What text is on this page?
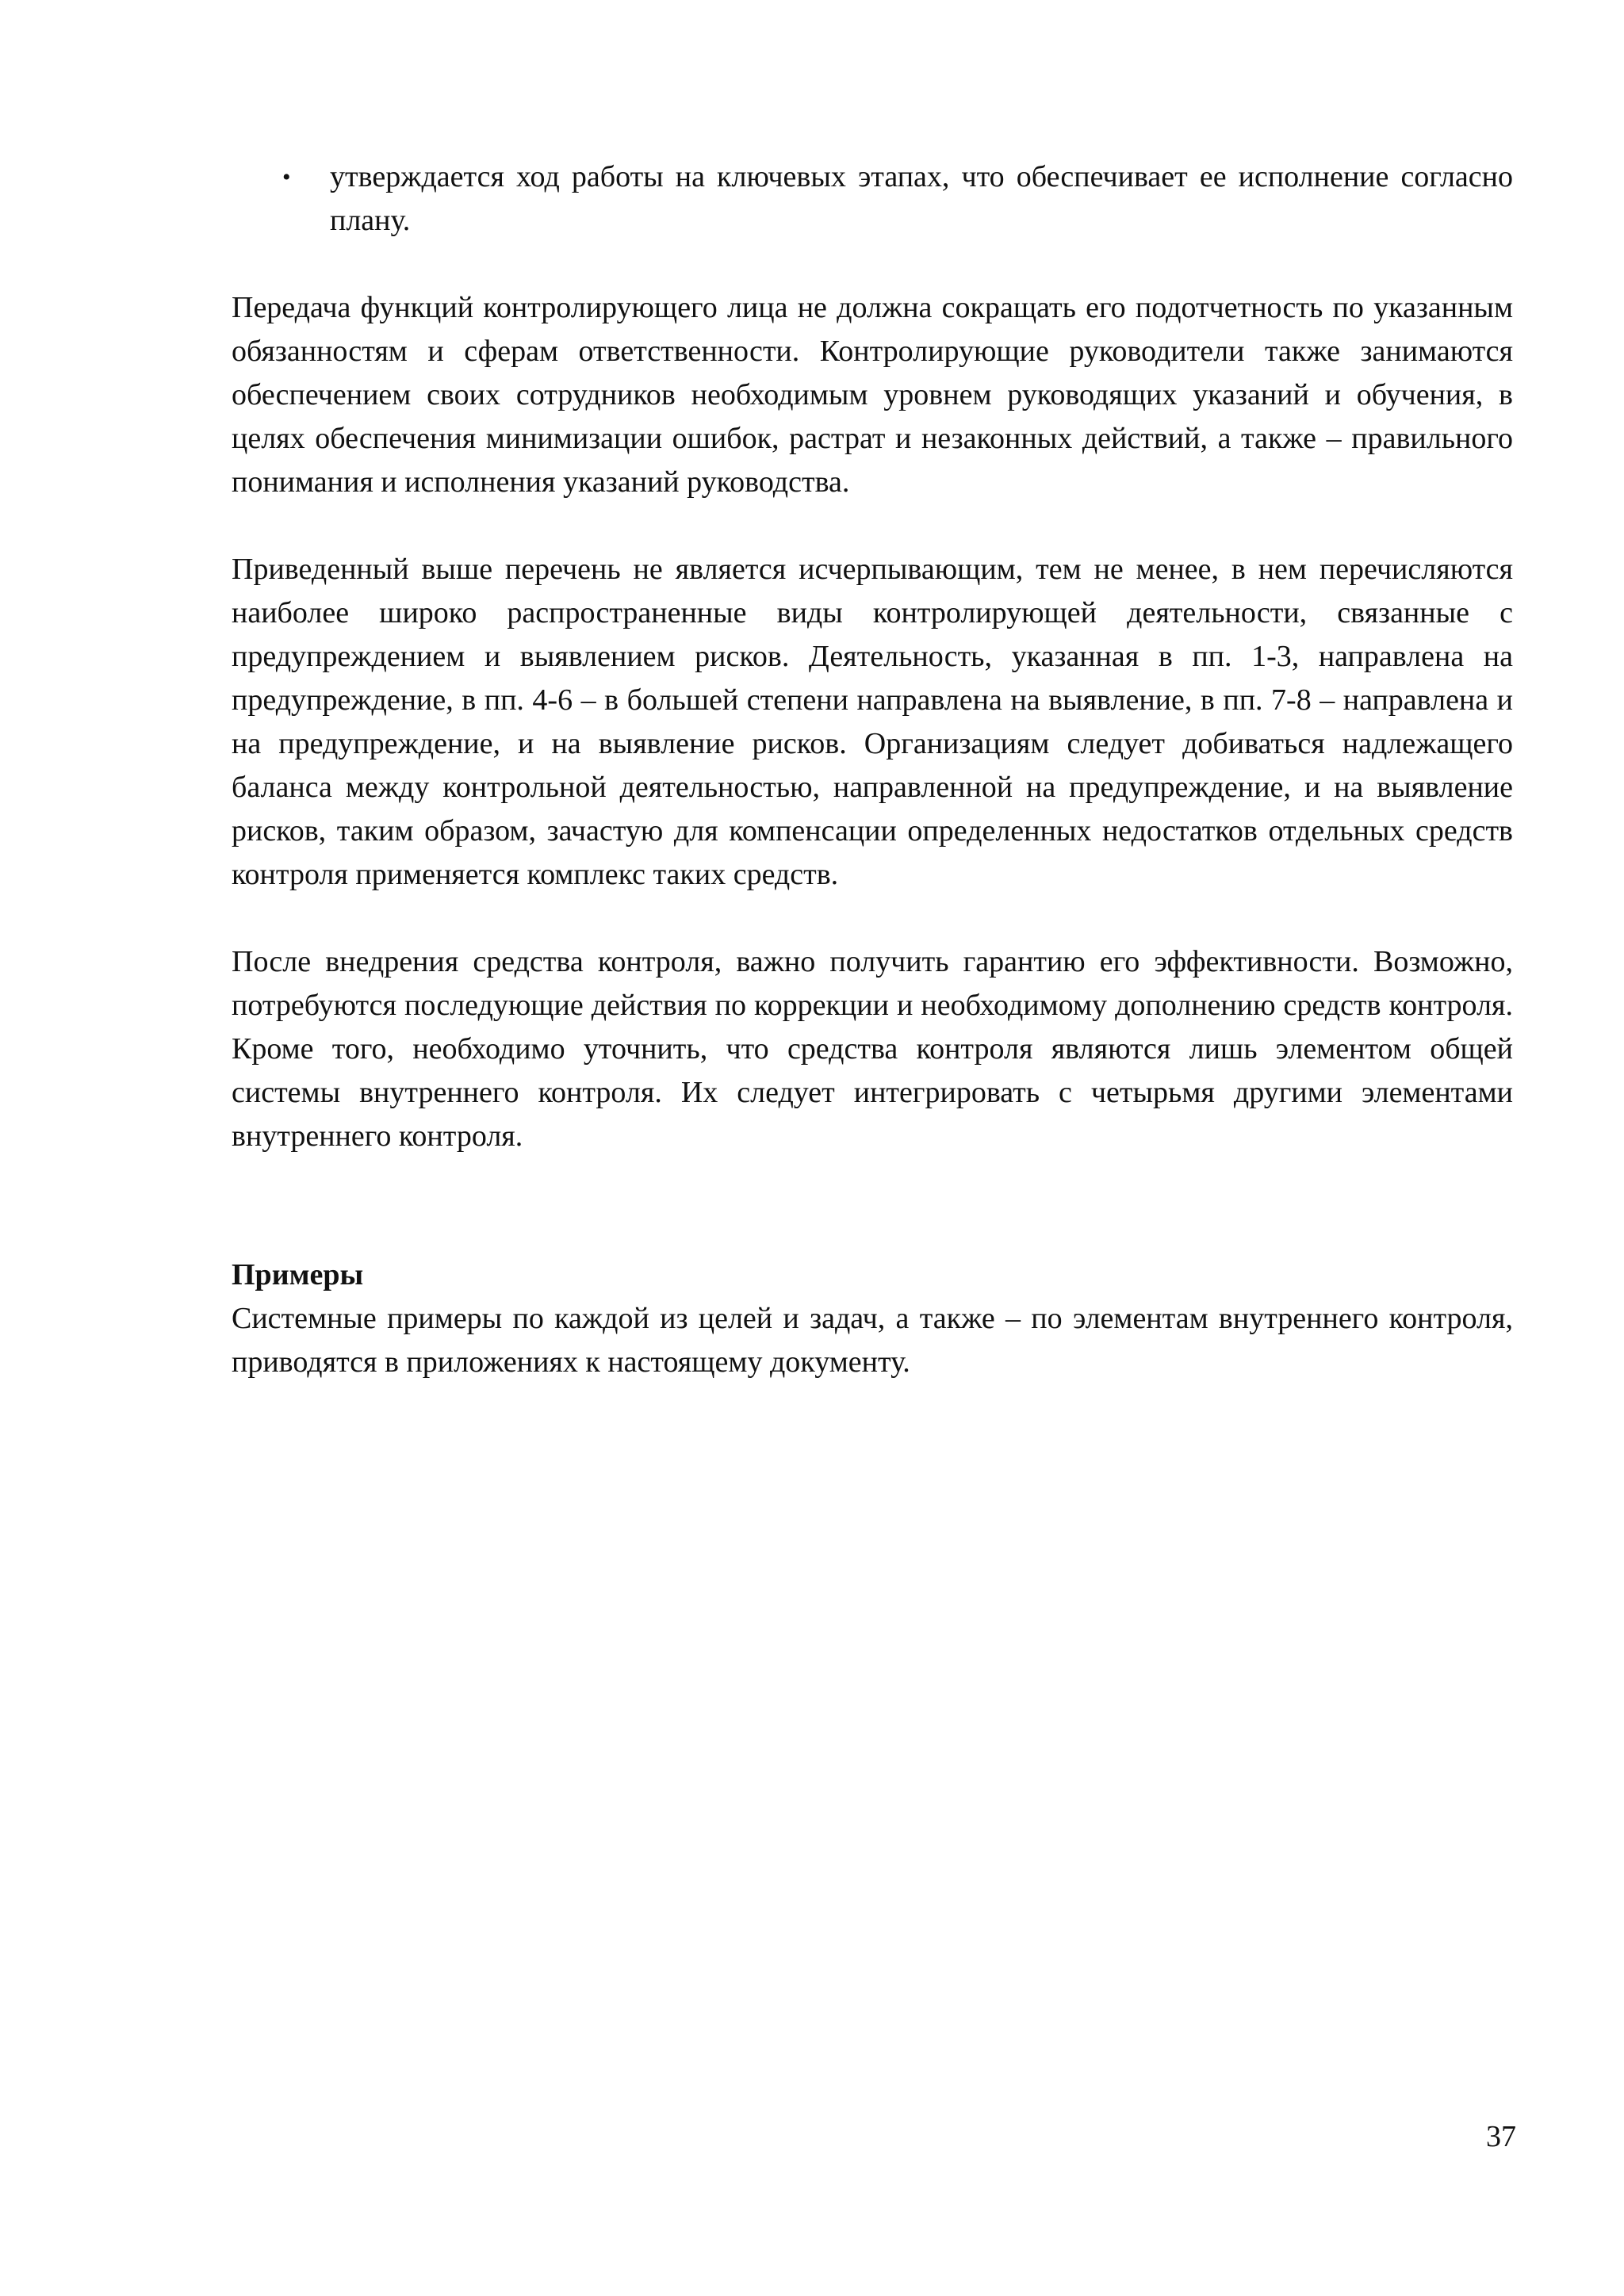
• утверждается ход работы на ключевых этапах, что обеспечивает ее исполнение согласно плану.

Передача функций контролирующего лица не должна сокращать его подотчетность по указанным обязанностям и сферам ответственности. Контролирующие руководители также занимаются обеспечением своих сотрудников необходимым уровнем руководящих указаний и обучения, в целях обеспечения минимизации ошибок, растрат и незаконных действий, а также – правильного понимания и исполнения указаний руководства.

Приведенный выше перечень не является исчерпывающим, тем не менее, в нем перечисляются наиболее широко распространенные виды контролирующей деятельности, связанные с предупреждением и выявлением рисков. Деятельность, указанная в пп. 1-3, направлена на предупреждение, в пп. 4-6 – в большей степени направлена на выявление, в пп. 7-8 – направлена и на предупреждение, и на выявление рисков. Организациям следует добиваться надлежащего баланса между контрольной деятельностью, направленной на предупреждение, и на выявление рисков, таким образом, зачастую для компенсации определенных недостатков отдельных средств контроля применяется комплекс таких средств.

После внедрения средства контроля, важно получить гарантию его эффективности. Возможно, потребуются последующие действия по коррекции и необходимому дополнению средств контроля. Кроме того, необходимо уточнить, что средства контроля являются лишь элементом общей системы внутреннего контроля. Их следует интегрировать с четырьмя другими элементами внутреннего контроля.

Примеры

Системные примеры по каждой из целей и задач, а также – по элементам внутреннего контроля, приводятся в приложениях к настоящему документу.

37
